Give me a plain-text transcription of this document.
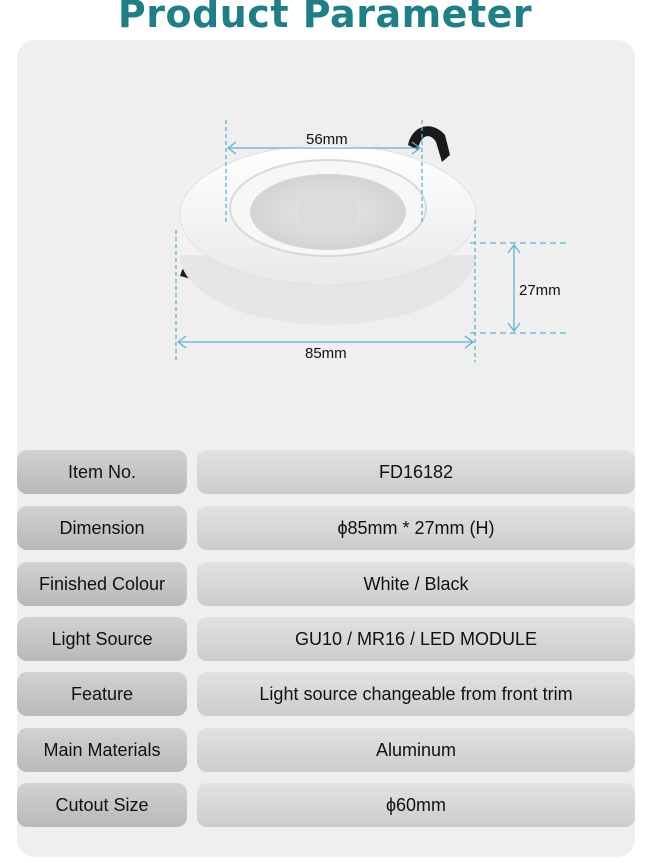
Product Parameter
56mm
27mm
85mm
Item No.	FD16182
Dimension	ϕ85mm * 27mm (H)
Finished Colour	White / Black
Light Source	GU10 / MR16 / LED MODULE
Feature	Light source changeable from front trim
Main Materials	Aluminum
Cutout Size	ϕ60mm
